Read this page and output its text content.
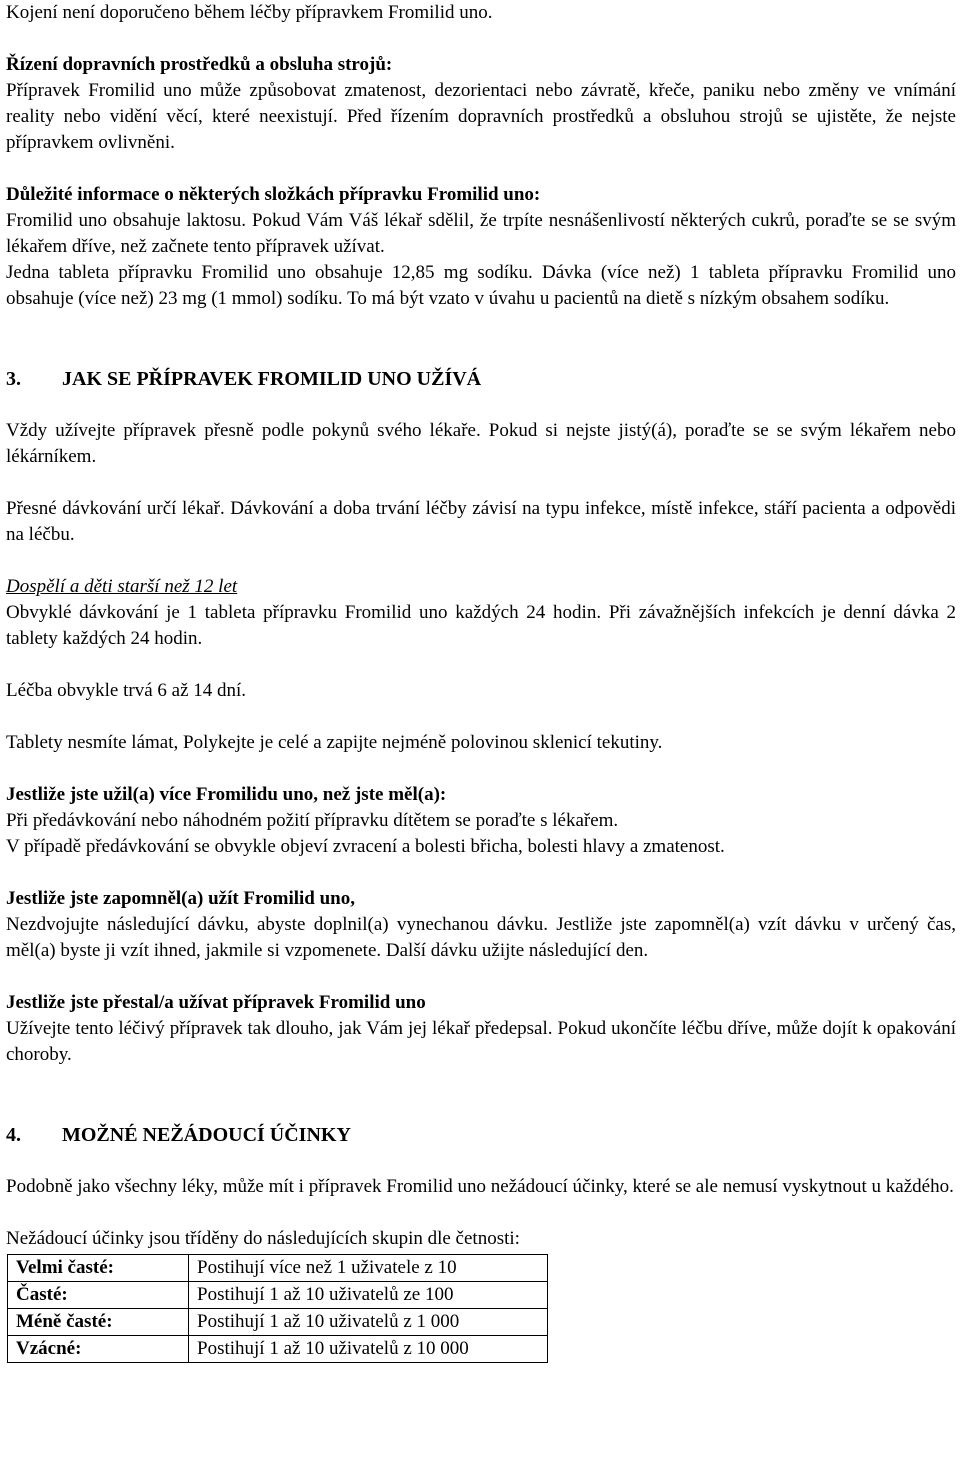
Kojení není doporučeno během léčby přípravkem Fromilid uno.

Řízení dopravních prostředků a obsluha strojů:

Přípravek Fromilid uno může způsobovat zmatenost, dezorientaci nebo závratě, křeče, paniku nebo změny ve vnímání reality nebo vidění věcí, které neexistují. Před řízením dopravních prostředků a obsluhou strojů se ujistěte, že nejste přípravkem ovlivněni.

Důležité informace o některých složkách přípravku Fromilid uno:

Fromilid uno obsahuje laktosu. Pokud Vám Váš lékař sdělil, že trpíte nesnášenlivostí některých cukrů, poraďte se se svým lékařem dříve, než začnete tento přípravek užívat.

Jedna tableta přípravku Fromilid uno obsahuje 12,85 mg sodíku. Dávka (více než) 1 tableta přípravku Fromilid uno obsahuje (více než) 23 mg (1 mmol) sodíku. To má být vzato v úvahu u pacientů na dietě s nízkým obsahem sodíku.

3.	JAK SE PŘÍPRAVEK FROMILID UNO UŽÍVÁ

Vždy užívejte přípravek přesně podle pokynů svého lékaře. Pokud si nejste jistý(á), poraďte se se svým lékařem nebo lékárníkem.

Přesné dávkování určí lékař. Dávkování a doba trvání léčby závisí na typu infekce, místě infekce, stáří pacienta a odpovědi na léčbu.

Dospělí a děti starší než 12 let

Obvyklé dávkování je 1 tableta přípravku Fromilid uno každých 24 hodin. Při závažnějších infekcích je denní dávka 2 tablety každých 24 hodin.

Léčba obvykle trvá 6 až 14 dní.

Tablety nesmíte lámat, Polykejte je celé a zapijte nejméně polovinou sklenicí tekutiny.

Jestliže jste užil(a) více Fromilidu uno, než jste měl(a):

Při předávkování nebo náhodném požití přípravku dítětem se poraďte s lékařem.

V případě předávkování se obvykle objeví zvracení a bolesti břicha, bolesti hlavy a zmatenost.

Jestliže jste zapomněl(a) užít Fromilid uno,

Nezdvojujte následující dávku, abyste doplnil(a) vynechanou dávku. Jestliže jste zapomněl(a) vzít dávku v určený čas, měl(a) byste ji vzít ihned, jakmile si vzpomenete. Další dávku užijte následující den.

Jestliže jste přestal/a užívat přípravek Fromilid uno

Užívejte tento léčivý přípravek tak dlouho, jak Vám jej lékař předepsal. Pokud ukončíte léčbu dříve, může dojít k opakování choroby.

4.	MOŽNÉ NEŽÁDOUCÍ ÚČINKY

Podobně jako všechny léky, může mít i přípravek Fromilid uno nežádoucí účinky, které se ale nemusí vyskytnout u každého.

Nežádoucí účinky jsou tříděny do následujících skupin dle četnosti:

Velmi časté:	Postihují více než 1 uživatele z 10
Časté:	Postihují 1 až 10 uživatelů ze 100
Méně časté:	Postihují 1 až 10 uživatelů z 1 000
Vzácné:	Postihují 1 až 10 uživatelů z 10 000
